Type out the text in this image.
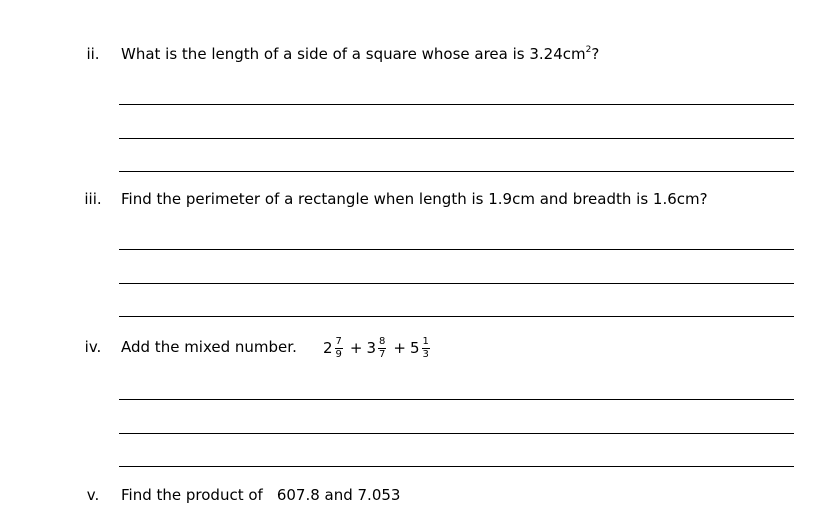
ii.	What is the length of a side of a square whose area is $3.24cm^2$?
iii.	Find the perimeter of a rectangle when length is 1.9cm and breadth is 1.6cm?
iv.	Add the mixed number. $2 \frac{7}{9} + 3 \frac{8}{7} + 5 \frac{1}{3}$
v.	Find the product of 607.8 and 7.053
